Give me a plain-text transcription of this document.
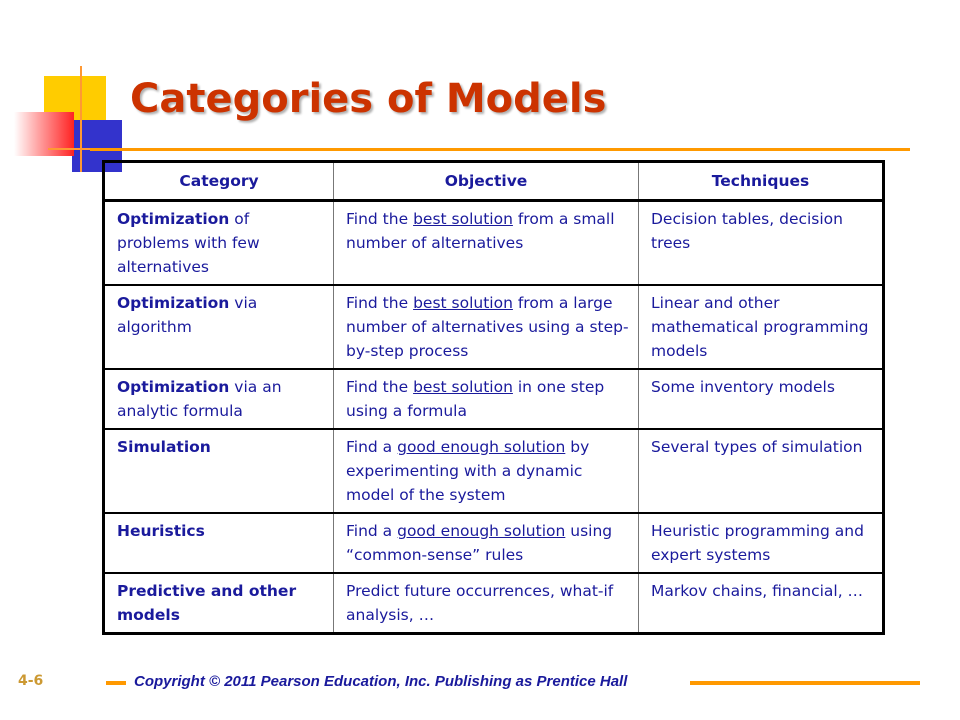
Categories of Models
Category	Objective	Techniques
Optimization of problems with few alternatives	Find the best solution from a small number of alternatives	Decision tables, decision trees
Optimization via algorithm	Find the best solution from a large number of alternatives using a step-by-step process	Linear and other mathematical programming models
Optimization via an analytic formula	Find the best solution in one step using a formula	Some inventory models
Simulation	Find a good enough solution by experimenting with a dynamic model of the system	Several types of simulation
Heuristics	Find a good enough solution using “common-sense” rules	Heuristic programming and expert systems
Predictive and other models	Predict future occurrences, what-if analysis, …	Markov chains, financial, …
4-6	Copyright © 2011 Pearson Education, Inc. Publishing as Prentice Hall
